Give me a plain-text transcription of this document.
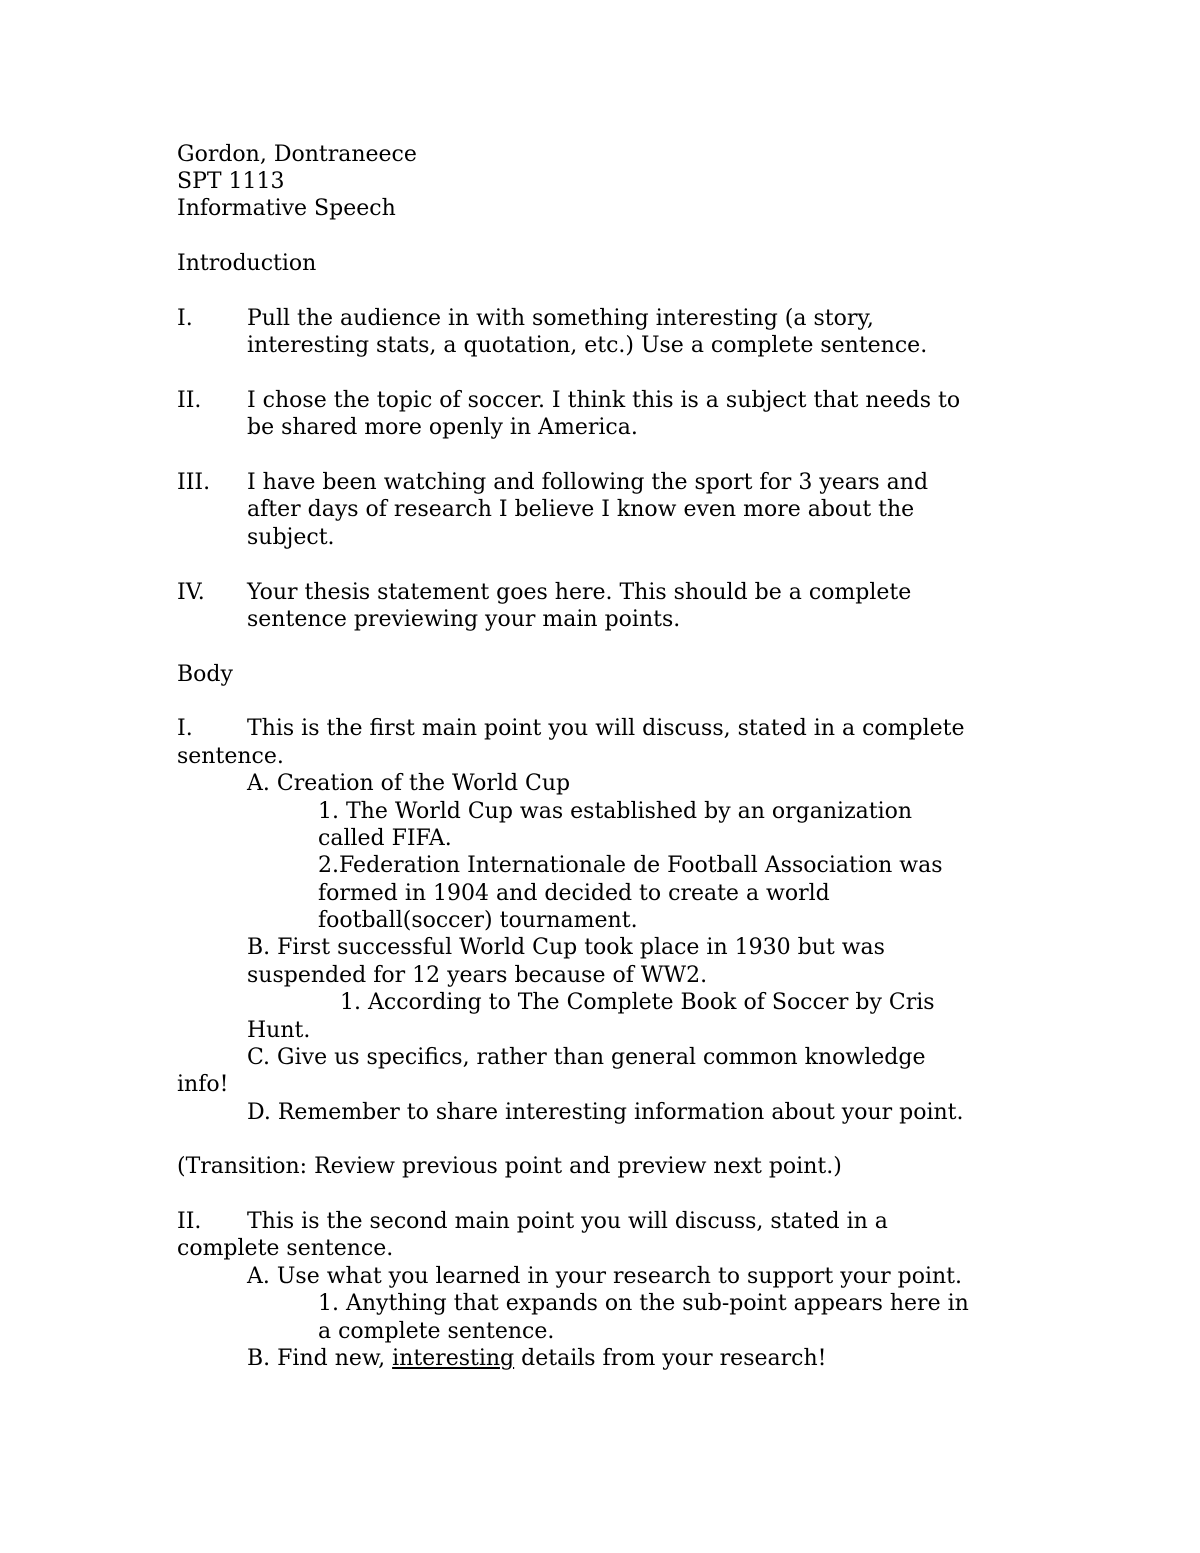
Gordon, Dontraneece
SPT 1113
Informative Speech
Introduction
I. Pull the audience in with something interesting (a story,
interesting stats, a quotation, etc.) Use a complete sentence.
II. I chose the topic of soccer. I think this is a subject that needs to
be shared more openly in America.
III. I have been watching and following the sport for 3 years and
after days of research I believe I know even more about the
subject.
IV. Your thesis statement goes here. This should be a complete
sentence previewing your main points.
Body
I. This is the first main point you will discuss, stated in a complete
sentence.
A. Creation of the World Cup
1. The World Cup was established by an organization
called FIFA.
2.Federation Internationale de Football Association was
formed in 1904 and decided to create a world
football(soccer) tournament.
B. First successful World Cup took place in 1930 but was
suspended for 12 years because of WW2.
1. According to The Complete Book of Soccer by Cris
Hunt.
C. Give us specifics, rather than general common knowledge
info!
D. Remember to share interesting information about your point.
(Transition: Review previous point and preview next point.)
II. This is the second main point you will discuss, stated in a
complete sentence.
A. Use what you learned in your research to support your point.
1. Anything that expands on the sub-point appears here in
a complete sentence.
B. Find new, interesting details from your research!
